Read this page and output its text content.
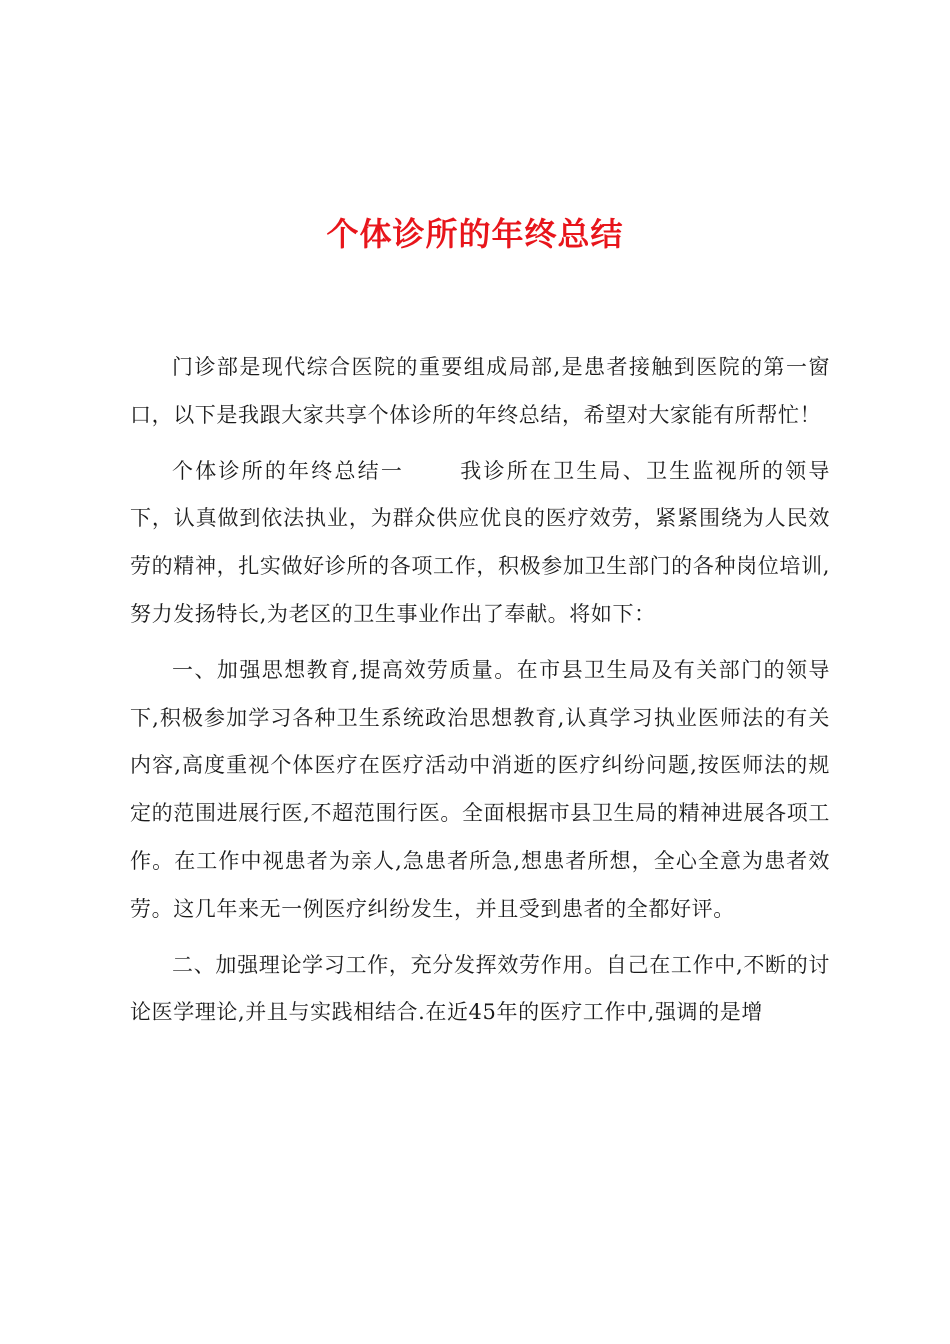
个体诊所的年终总结

门诊部是现代综合医院的重要组成局部,是患者接触到医院的第一窗口，以下是我跟大家共享个体诊所的年终总结，希望对大家能有所帮忙！

个体诊所的年终总结一	我诊所在卫生局、卫生监视所的领导下，认真做到依法执业，为群众供应优良的医疗效劳，紧紧围绕为人民效劳的精神，扎实做好诊所的各项工作，积极参加卫生部门的各种岗位培训,努力发扬特长,为老区的卫生事业作出了奉献。将如下：

一、加强思想教育,提高效劳质量。在市县卫生局及有关部门的领导下,积极参加学习各种卫生系统政治思想教育,认真学习执业医师法的有关内容,高度重视个体医疗在医疗活动中消逝的医疗纠纷问题,按医师法的规定的范围进展行医,不超范围行医。全面根据市县卫生局的精神进展各项工作。在工作中视患者为亲人,急患者所急,想患者所想，全心全意为患者效劳。这几年来无一例医疗纠纷发生，并且受到患者的全都好评。

二、加强理论学习工作，充分发挥效劳作用。自己在工作中,不断的讨论医学理论,并且与实践相结合.在近45年的医疗工作中,强调的是增
